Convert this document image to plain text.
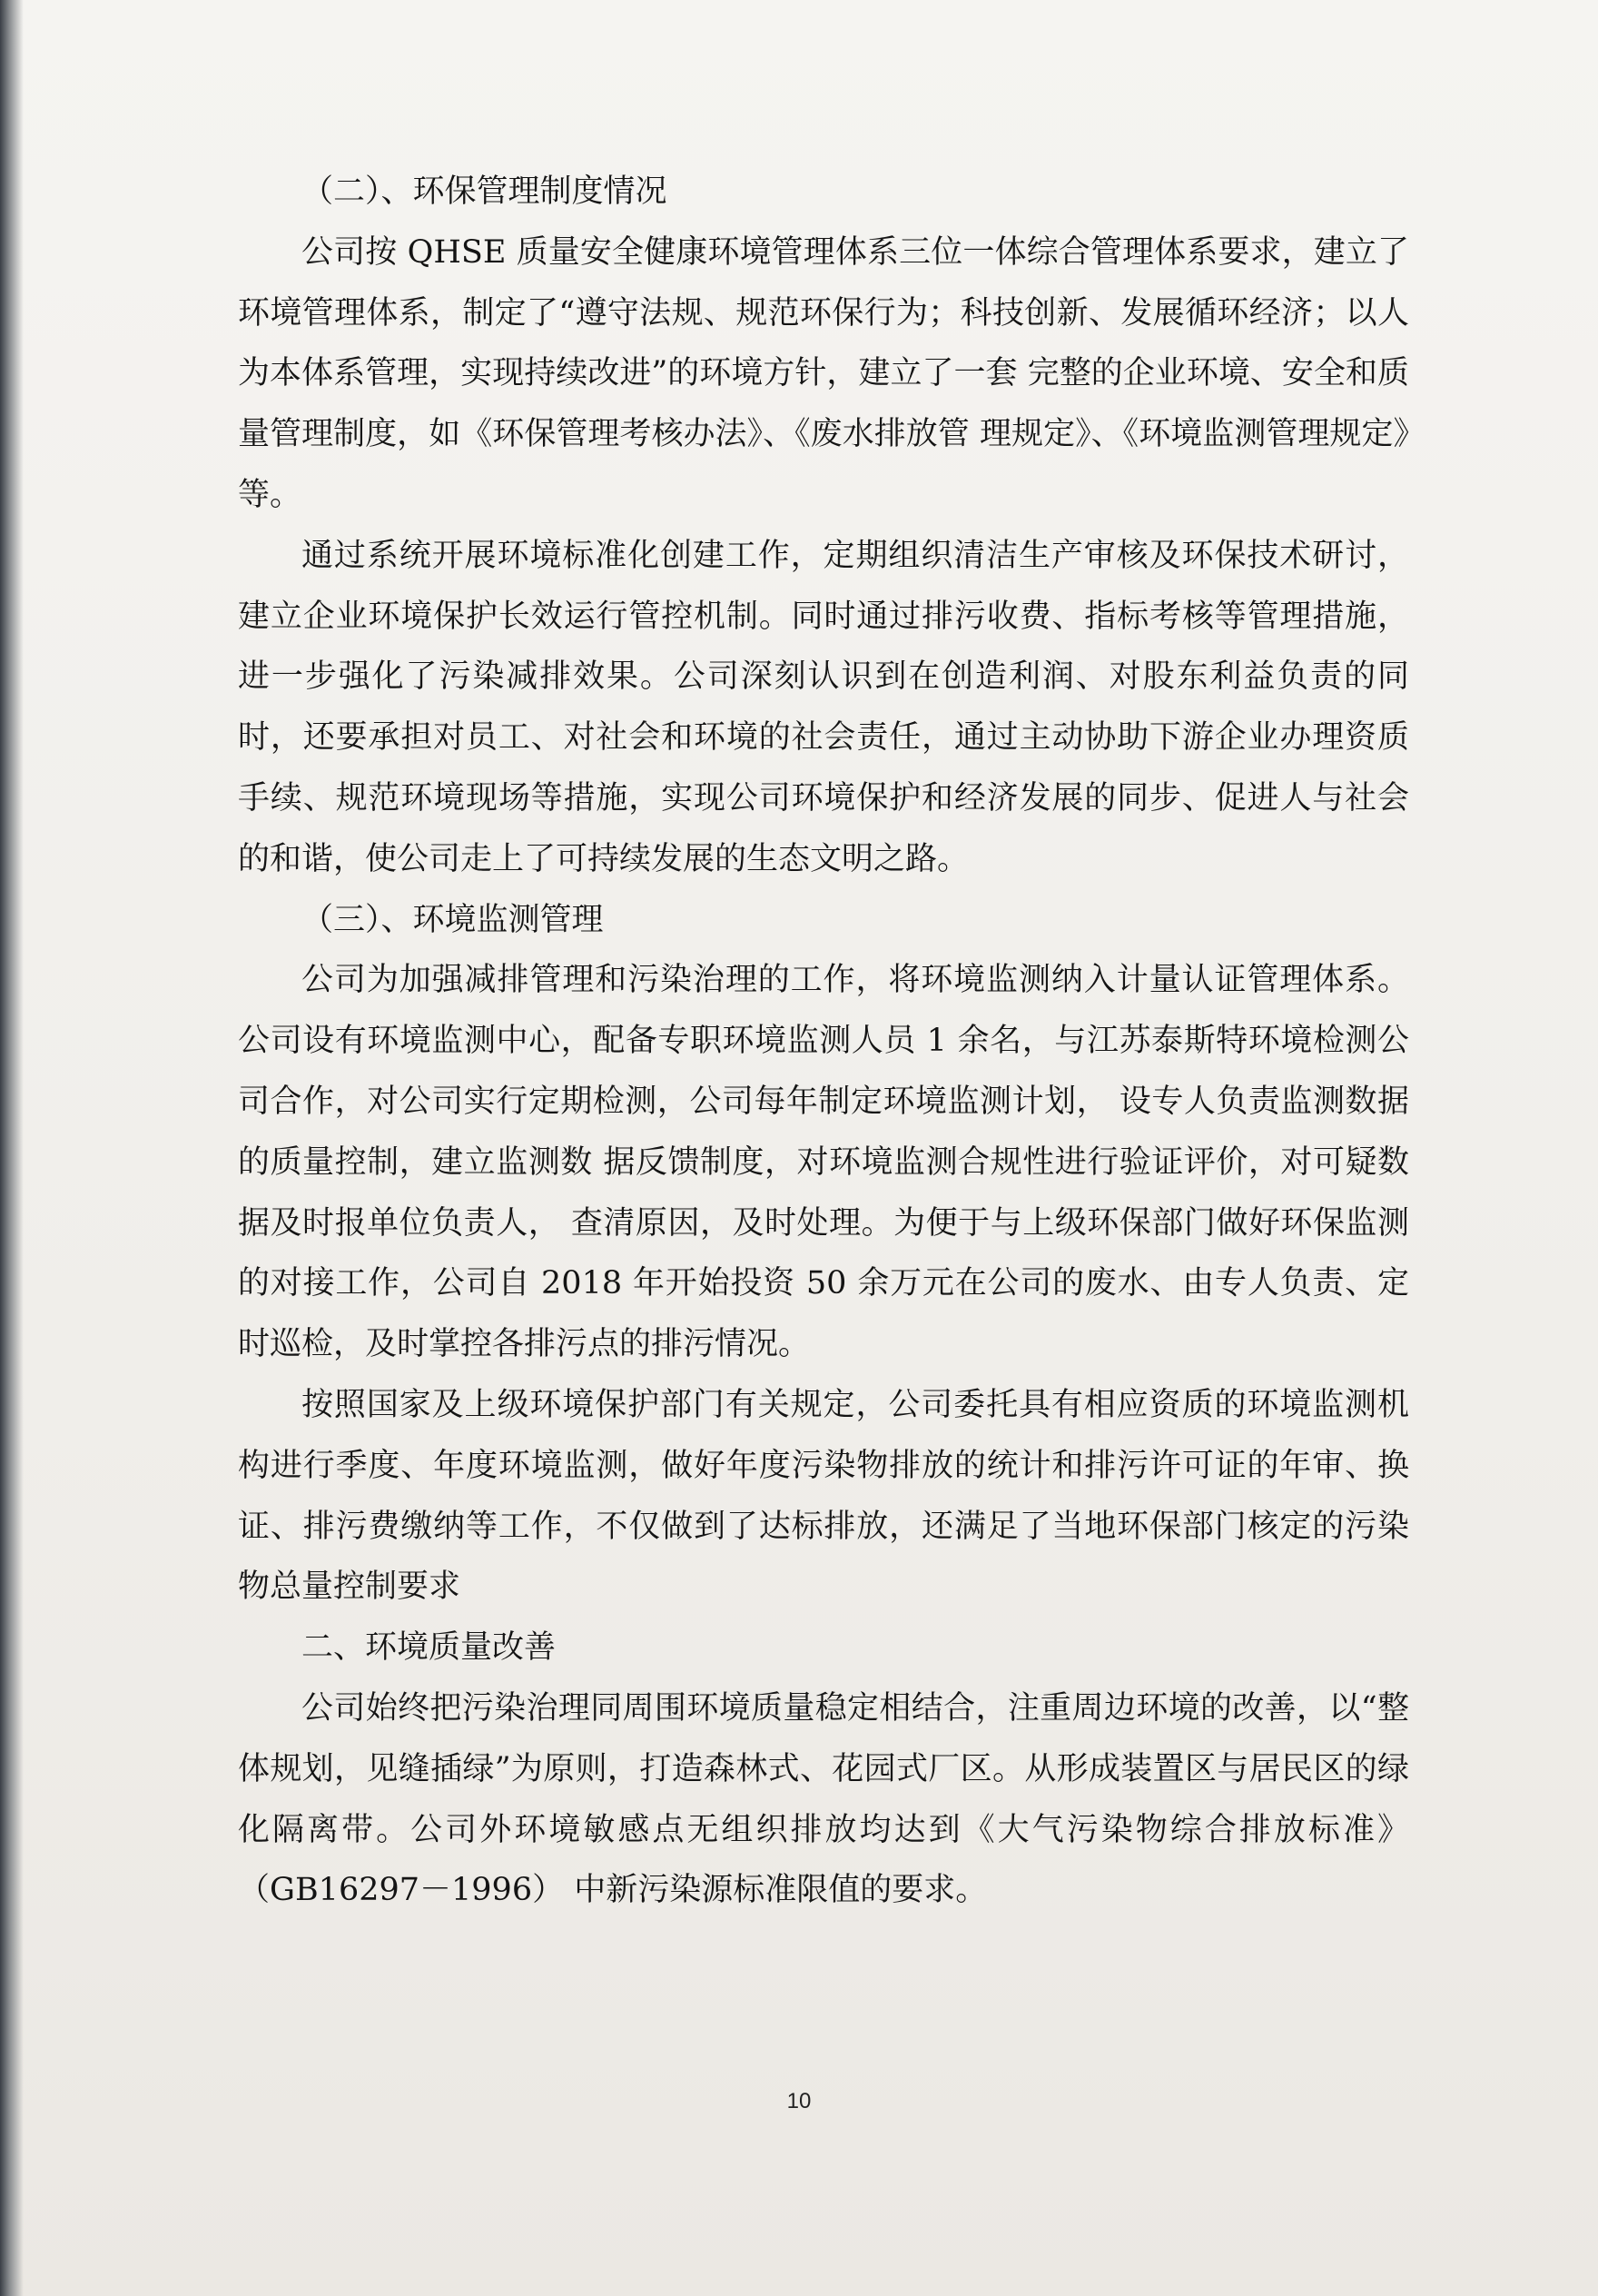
（二）、环保管理制度情况

公司按 QHSE 质量安全健康环境管理体系三位一体综合管理体系要求，建立了环境管理体系，制定了“遵守法规、规范环保行为；科技创新、发展循环经济；以人为本体系管理，实现持续改进”的环境方针，建立了一套 完整的企业环境、安全和质量管理制度，如《环保管理考核办法》、《废水排放管 理规定》、《环境监测管理规定》等。

通过系统开展环境标准化创建工作，定期组织清洁生产审核及环保技术研讨，建立企业环境保护长效运行管控机制。同时通过排污收费、指标考核等管理措施，进一步强化了污染减排效果。公司深刻认识到在创造利润、对股东利益负责的同时，还要承担对员工、对社会和环境的社会责任，通过主动协助下游企业办理资质手续、规范环境现场等措施，实现公司环境保护和经济发展的同步、促进人与社会的和谐，使公司走上了可持续发展的生态文明之路。

（三）、环境监测管理

公司为加强减排管理和污染治理的工作，将环境监测纳入计量认证管理体系。公司设有环境监测中心，配备专职环境监测人员 1 余名，与江苏泰斯特环境检测公司合作，对公司实行定期检测，公司每年制定环境监测计划， 设专人负责监测数据的质量控制，建立监测数 据反馈制度，对环境监测合规性进行验证评价，对可疑数据及时报单位负责人， 查清原因，及时处理。为便于与上级环保部门做好环保监测的对接工作，公司自 2018 年开始投资 50 余万元在公司的废水、由专人负责、定时巡检，及时掌控各排污点的排污情况。

按照国家及上级环境保护部门有关规定，公司委托具有相应资质的环境监测机构进行季度、年度环境监测，做好年度污染物排放的统计和排污许可证的年审、换证、排污费缴纳等工作，不仅做到了达标排放，还满足了当地环保部门核定的污染物总量控制要求

二、环境质量改善

公司始终把污染治理同周围环境质量稳定相结合，注重周边环境的改善，以“整体规划，见缝插绿”为原则，打造森林式、花园式厂区。从形成装置区与居民区的绿化隔离带。公司外环境敏感点无组织排放均达到《大气污染物综合排放标准》（GB16297－1996） 中新污染源标准限值的要求。

10
